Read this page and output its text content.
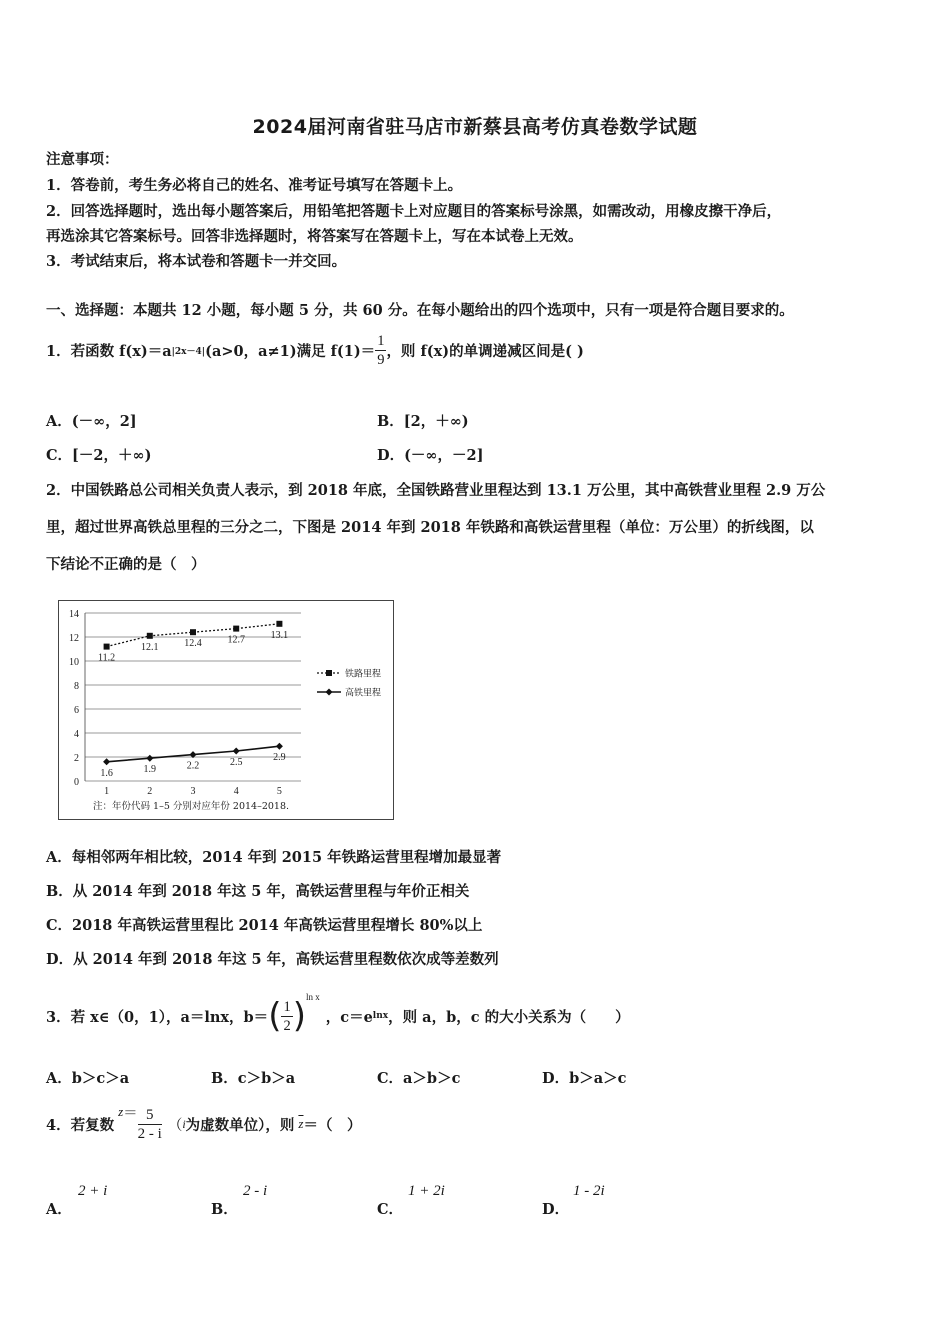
2024届河南省驻马店市新蔡县高考仿真卷数学试题
注意事项：
1．答卷前，考生务必将自己的姓名、准考证号填写在答题卡上。
2．回答选择题时，选出每小题答案后，用铅笔把答题卡上对应题目的答案标号涂黑，如需改动，用橡皮擦干净后，
再选涂其它答案标号。回答非选择题时，将答案写在答题卡上，写在本试卷上无效。
3．考试结束后，将本试卷和答题卡一并交回。
一、选择题：本题共 12 小题，每小题 5 分，共 60 分。在每小题给出的四个选项中，只有一项是符合题目要求的。
1．若函数 f(x)＝a |2x－4| (a>0，a≠1)满足 $f(1)= \frac{1}{9}$ ，则 f(x)的单调递减区间是( )
A．(－∞，2]	B．[2，＋∞)
C．[－2，＋∞)	D．(－∞，－2]
2．中国铁路总公司相关负责人表示，到 2018 年底，全国铁路营业里程达到 13.1 万公里，其中高铁营业里程 2.9 万公
里，超过世界高铁总里程的三分之二，下图是 2014 年到 2018 年铁路和高铁运营里程（单位：万公里）的折线图，以
下结论不正确的是（　）
0
2
4
6
8
10
12
14
1	2	3	4	5
11.2
12.1	12.4	12.7	13.1
铁路里程
1.6	1.9	2.2	2.5	2.9
高铁里程
注：年份代码 1–5 分别对应年份 2014–2018.
A．每相邻两年相比较，2014 年到 2015 年铁路运营里程增加最显著
B．从 2014 年到 2018 年这 5 年，高铁运营里程与年价正相关
C．2018 年高铁运营里程比 2014 年高铁运营里程增长 80%以上
D．从 2014 年到 2018 年这 5 年，高铁运营里程数依次成等差数列
3．若 x∈（0，1），a＝lnx，b＝ ( $\frac{1}{2} )^{ln x}$
，c＝e lnx ，则 a，b，c 的大小关系为（　　）
A．b＞c＞a	B．c＞b＞a	C．a＞b＞c	D．b＞a＞c
4．若复数
$z = \frac{5}{2 - i}$ （ i 为虚数单位），则 $\overline{z}$ ＝（　）
A．
2 + i
B．
2 - i
C．
1 + 2i
D．
1 - 2i
